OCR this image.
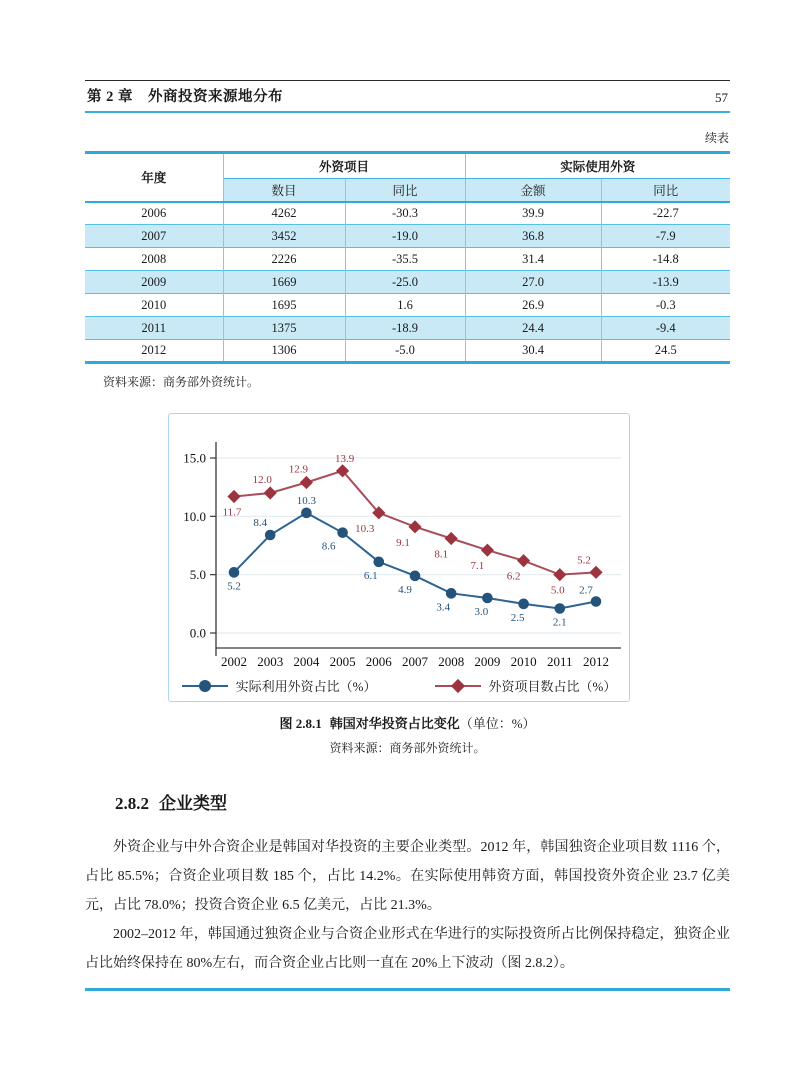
第 2 章　外商投资来源地分布	57
续表
年度	外资项目		实际使用外资	
	数目	同比	金额	同比
2006	4262	-30.3	39.9	-22.7
2007	3452	-19.0	36.8	-7.9
2008	2226	-35.5	31.4	-14.8
2009	1669	-25.0	27.0	-13.9
2010	1695	1.6	26.9	-0.3
2011	1375	-18.9	24.4	-9.4
2012	1306	-5.0	30.4	24.5
资料来源：商务部外资统计。
0.0
5.0
10.0
15.0
2002 2003 2004 2005 2006 2007 2008 2009 2010 2011 2012
5.2
8.4
10.3
8.6
6.1
4.9
3.4 3.0 2.5	2.1
2.7
11.7
12.0
12.9
13.9
10.3
9.1
8.1
7.1
6.2
5.0
5.2
实际利用外资占比（%）	外资项目数占比（%）
图 2.8.1 韩国对华投资占比变化（单位：%）
资料来源：商务部外资统计。
2.8.2 企业类型

外资企业与中外合资企业是韩国对华投资的主要企业类型。2012 年，韩国独资企业项目数 1116 个，占比 85.5%；合资企业项目数 185 个，占比 14.2%。在实际使用韩资方面，韩国投资外资企业 23.7 亿美元，占比 78.0%；投资合资企业 6.5 亿美元，占比 21.3%。

2002–2012 年，韩国通过独资企业与合资企业形式在华进行的实际投资所占比例保持稳定，独资企业占比始终保持在 80%左右，而合资企业占比则一直在 20%上下波动（图 2.8.2）。
